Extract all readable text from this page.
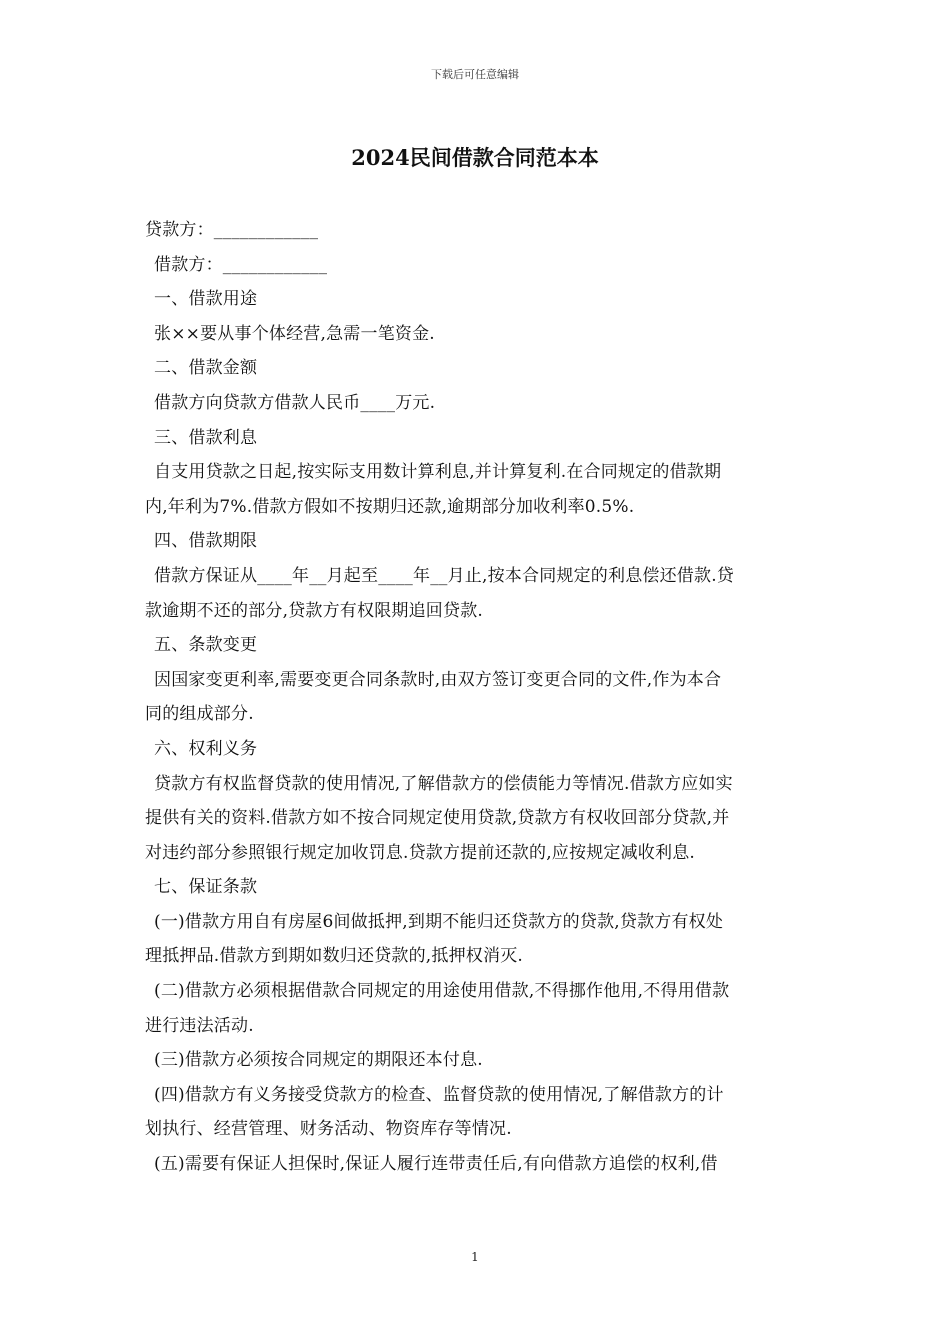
下载后可任意编辑
2024民间借款合同范本本
贷款方：____________
借款方：____________
一、借款用途
张××要从事个体经营,急需一笔资金.
二、借款金额
借款方向贷款方借款人民币____万元.
三、借款利息
自支用贷款之日起,按实际支用数计算利息,并计算复利.在合同规定的借款期
内,年利为7%.借款方假如不按期归还款,逾期部分加收利率0.5%.
四、借款期限
借款方保证从____年__月起至____年__月止,按本合同规定的利息偿还借款.贷
款逾期不还的部分,贷款方有权限期追回贷款.
五、条款变更
因国家变更利率,需要变更合同条款时,由双方签订变更合同的文件,作为本合
同的组成部分.
六、权利义务
贷款方有权监督贷款的使用情况,了解借款方的偿债能力等情况.借款方应如实
提供有关的资料.借款方如不按合同规定使用贷款,贷款方有权收回部分贷款,并
对违约部分参照银行规定加收罚息.贷款方提前还款的,应按规定减收利息.
七、保证条款
(一)借款方用自有房屋6间做抵押,到期不能归还贷款方的贷款,贷款方有权处
理抵押品.借款方到期如数归还贷款的,抵押权消灭.
(二)借款方必须根据借款合同规定的用途使用借款,不得挪作他用,不得用借款
进行违法活动.
(三)借款方必须按合同规定的期限还本付息.
(四)借款方有义务接受贷款方的检查、监督贷款的使用情况,了解借款方的计
划执行、经营管理、财务活动、物资库存等情况.
(五)需要有保证人担保时,保证人履行连带责任后,有向借款方追偿的权利,借
1
